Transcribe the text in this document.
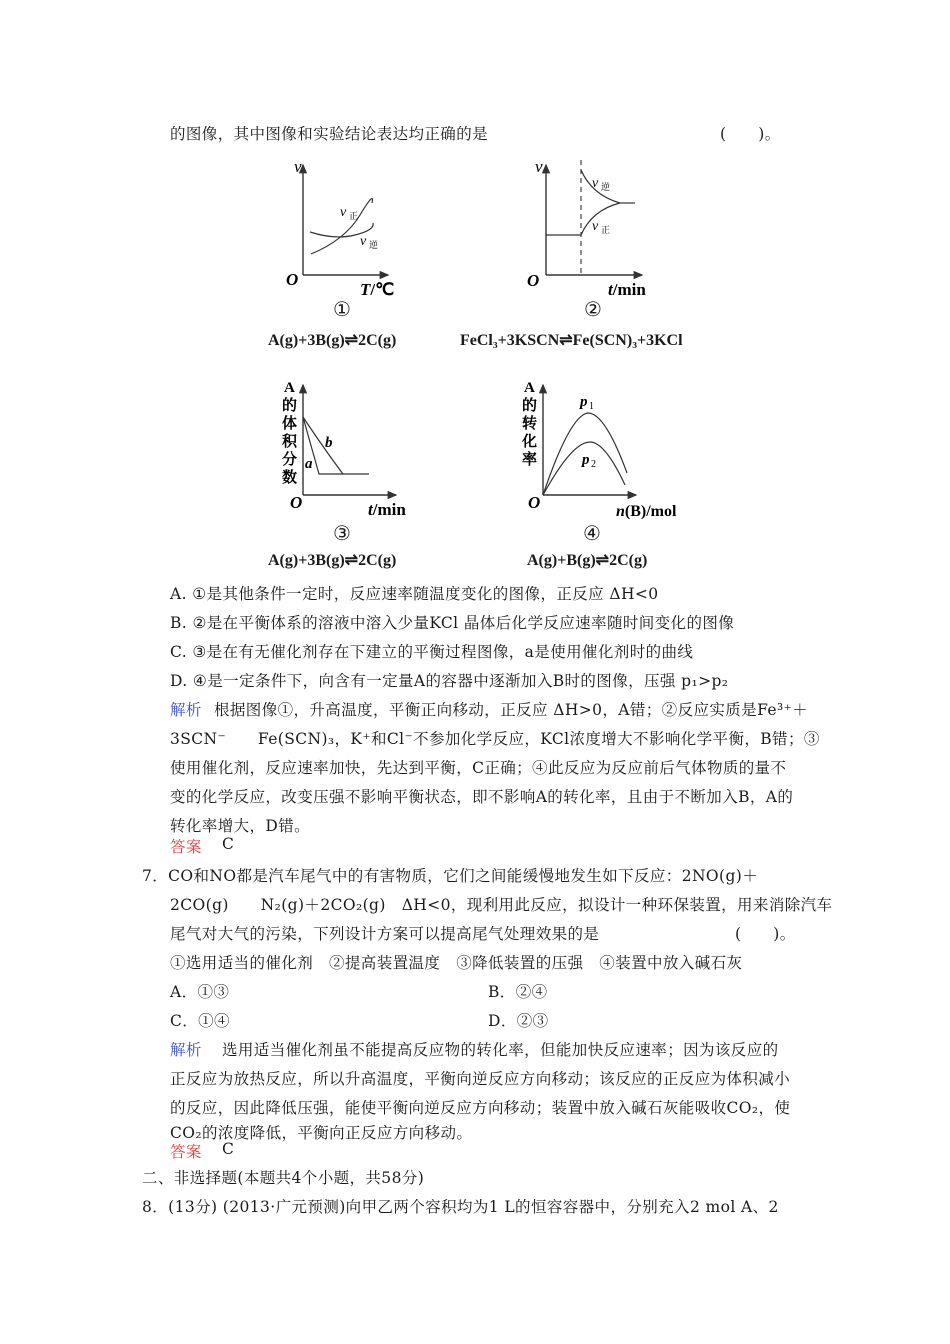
的图像，其中图像和实验结论表达均正确的是	(　　)。
v
v 正
v 逆
O
T/℃
①
A(g)+3B(g)⇌2C(g)
v
v 逆
v 正
O	t/min
②
FeCl₃+3KSCN⇌Fe(SCN)₃+3KCl
A
的
体
积
分
数
b
a
O	t/min
③
A(g)+3B(g)⇌2C(g)
A
的
转
化
率
p 1
p 2
O	n(B)/mol
④
A(g)+B(g)⇌2C(g)
A. ①是其他条件一定时，反应速率随温度变化的图像，正反应 ΔH<0
B. ②是在平衡体系的溶液中溶入少量KCl 晶体后化学反应速率随时间变化的图像
C. ③是在有无催化剂存在下建立的平衡过程图像，a是使用催化剂时的曲线
D. ④是一定条件下，向含有一定量A的容器中逐渐加入B时的图像，压强 p₁>p₂
解析 根据图像①，升高温度，平衡正向移动，正反应 ΔH>0，A错；②反应实质是Fe³⁺＋
3SCN⁻　　Fe(SCN)₃，K⁺和Cl⁻不参加化学反应，KCl浓度增大不影响化学平衡，B错；③
使用催化剂，反应速率加快，先达到平衡，C正确；④此反应为反应前后气体物质的量不
变的化学反应，改变压强不影响平衡状态，即不影响A的转化率，且由于不断加入B，A的
转化率增大，D错。
答案 C
7．CO和NO都是汽车尾气中的有害物质，它们之间能缓慢地发生如下反应：2NO(g)＋
2CO(g)　　N₂(g)＋2CO₂(g)　ΔH<0，现利用此反应，拟设计一种环保装置，用来消除汽车
尾气对大气的污染，下列设计方案可以提高尾气处理效果的是	(　　)。
①选用适当的催化剂　②提高装置温度　③降低装置的压强　④装置中放入碱石灰
A．①③	B．②④
C．①④	D．②③
解析 选用适当催化剂虽不能提高反应物的转化率，但能加快反应速率；因为该反应的
正反应为放热反应，所以升高温度，平衡向逆反应方向移动；该反应的正反应为体积减小
的反应，因此降低压强，能使平衡向逆反应方向移动；装置中放入碱石灰能吸收CO₂，使
CO₂的浓度降低，平衡向正反应方向移动。
答案 C
二、非选择题(本题共4个小题，共58分)
8．(13分) (2013·广元预测)向甲乙两个容积均为1 L的恒容容器中，分别充入2 mol A、2
